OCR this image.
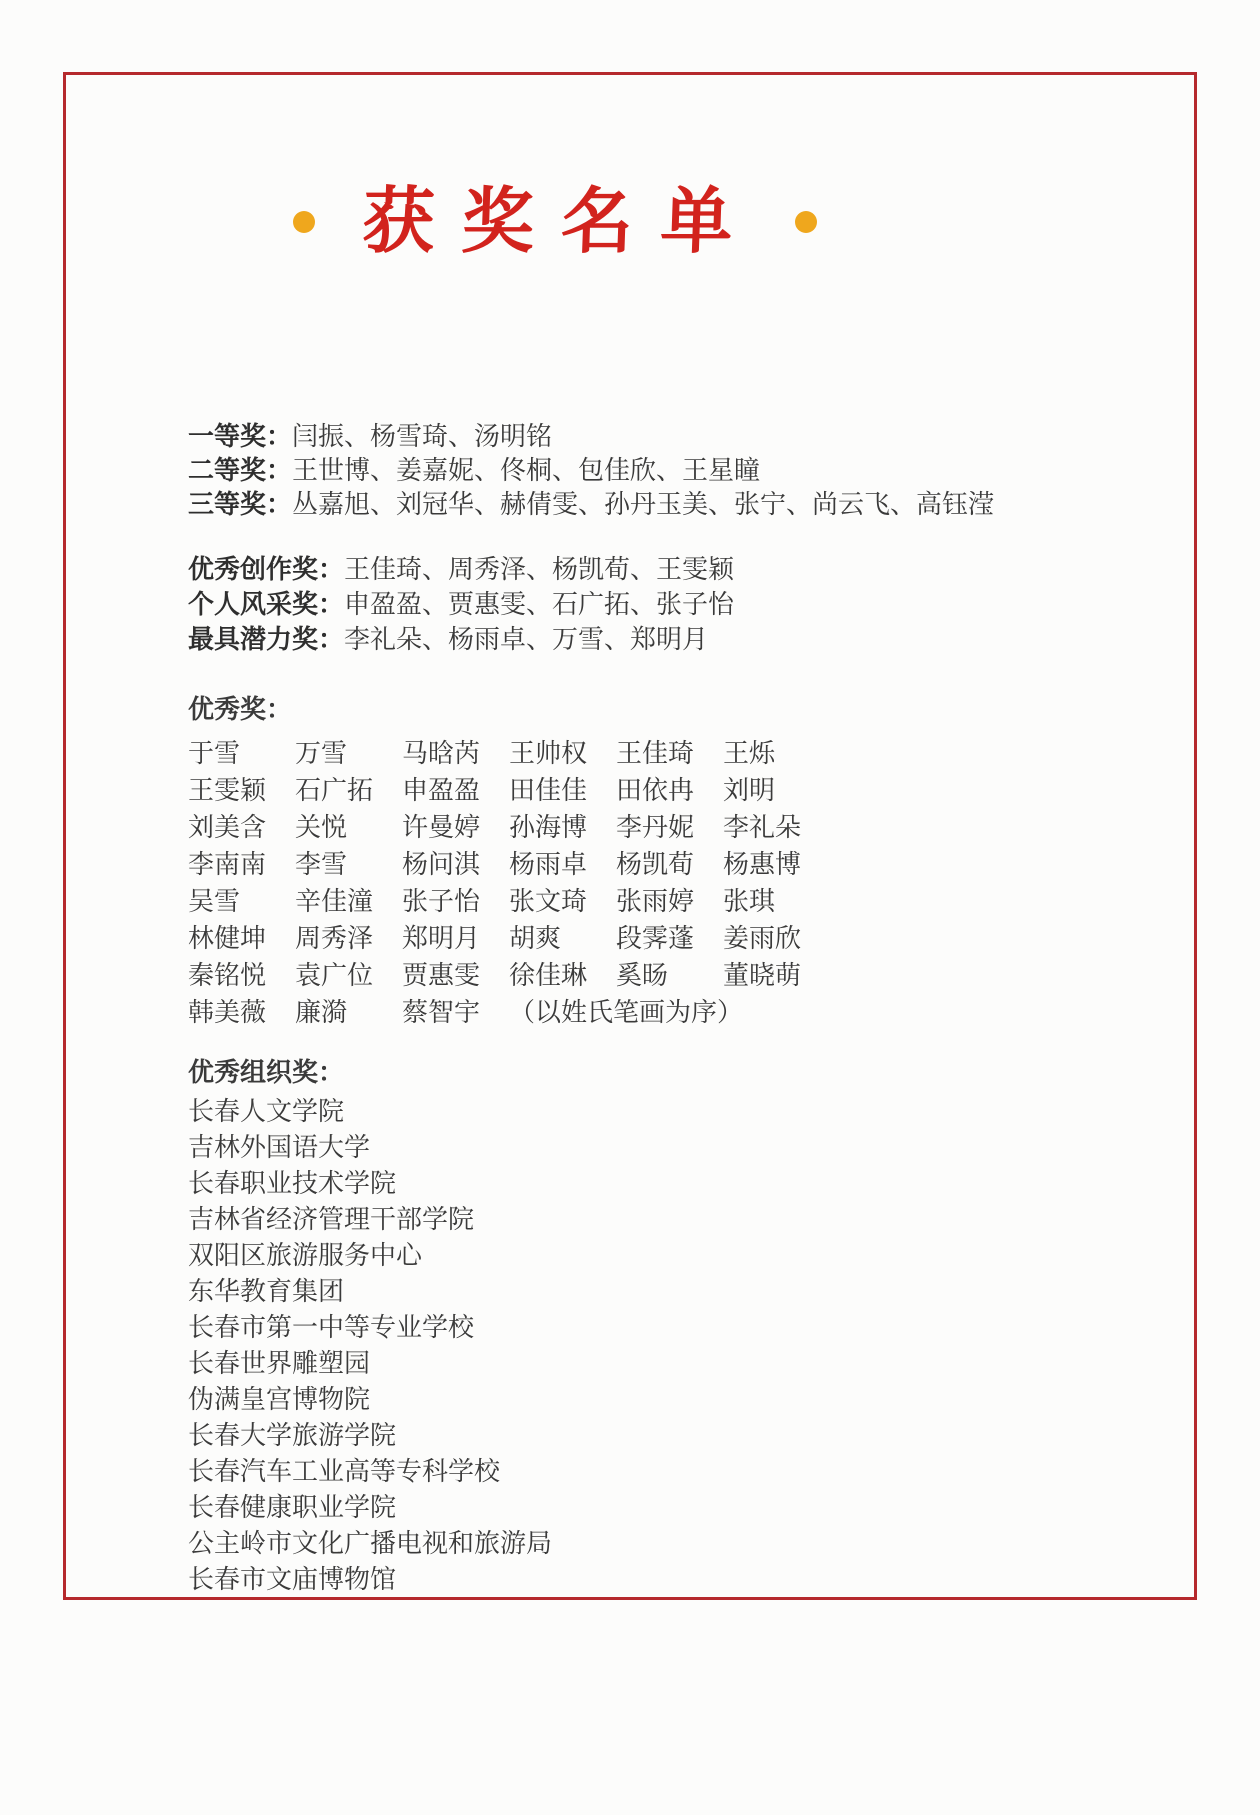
获奖名单
一等奖：闫振、杨雪琦、汤明铭
二等奖：王世博、姜嘉妮、佟桐、包佳欣、王星瞳
三等奖：丛嘉旭、刘冠华、赫倩雯、孙丹玉美、张宁、尚云飞、高钰滢
优秀创作奖：王佳琦、周秀泽、杨凯荀、王雯颖
个人风采奖：申盈盈、贾惠雯、石广拓、张子怡
最具潜力奖：李礼朵、杨雨卓、万雪、郑明月
优秀奖：
于雪	万雪	马晗芮 王帅权 王佳琦 王烁
王雯颖 石广拓 申盈盈 田佳佳 田依冉 刘明
刘美含 关悦	许曼婷 孙海博 李丹妮 李礼朵
李南南 李雪	杨问淇 杨雨卓 杨凯荀 杨惠博
吴雪	辛佳潼 张子怡 张文琦 张雨婷 张琪
林健坤 周秀泽 郑明月 胡爽	段霁蓬 姜雨欣
秦铭悦 袁广位 贾惠雯 徐佳琳 奚旸	董晓萌
韩美薇 廉漪	蔡智宇 （以姓氏笔画为序）
优秀组织奖：
长春人文学院
吉林外国语大学
长春职业技术学院
吉林省经济管理干部学院
双阳区旅游服务中心
东华教育集团
长春市第一中等专业学校
长春世界雕塑园
伪满皇宫博物院
长春大学旅游学院
长春汽车工业高等专科学校
长春健康职业学院
公主岭市文化广播电视和旅游局
长春市文庙博物馆
